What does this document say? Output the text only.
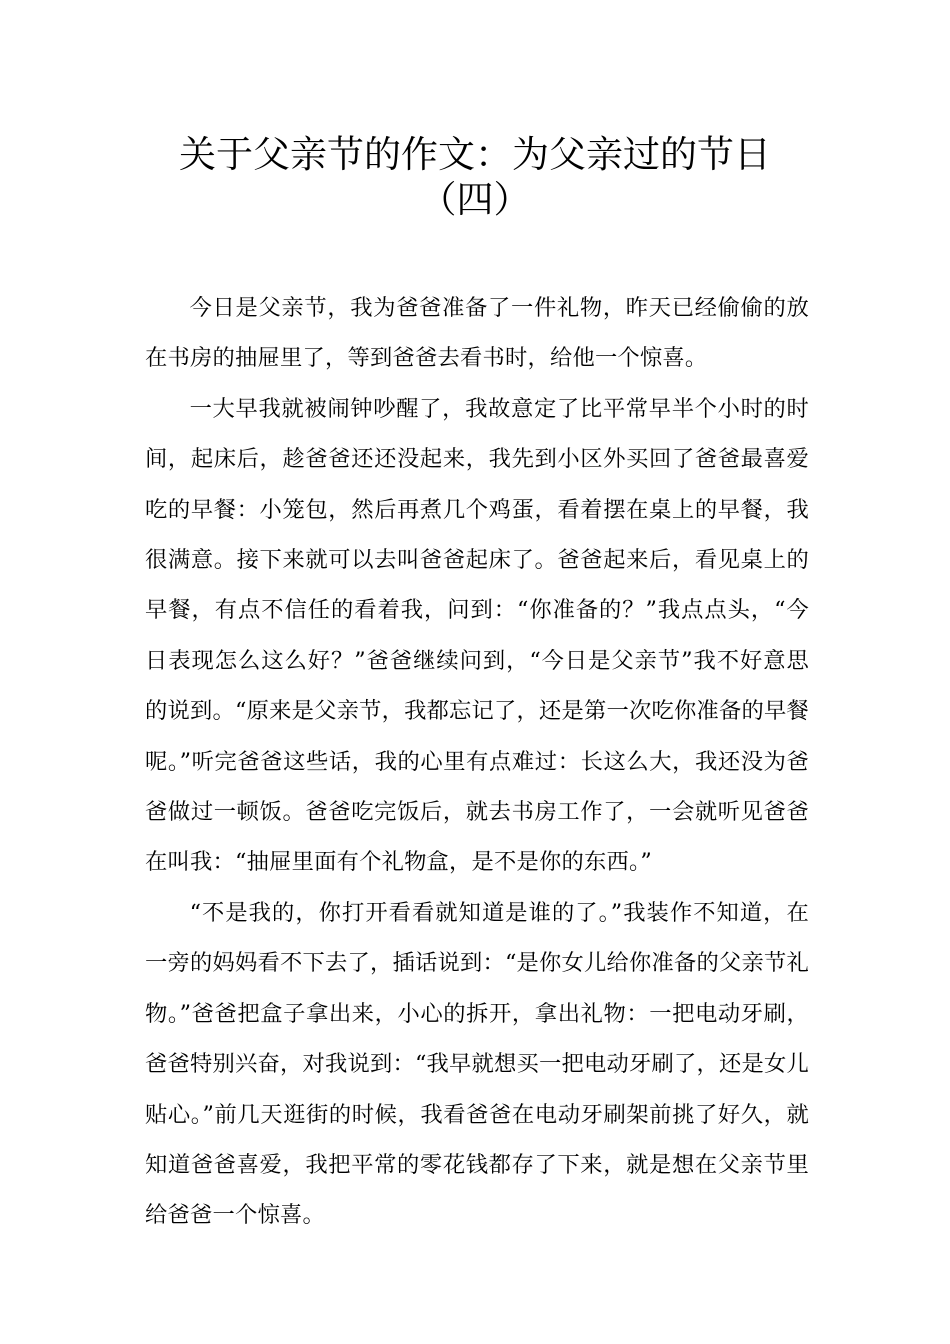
关于父亲节的作文：为父亲过的节日
（四）

今日是父亲节，我为爸爸准备了一件礼物，昨天已经偷偷的放在书房的抽屉里了，等到爸爸去看书时，给他一个惊喜。

一大早我就被闹钟吵醒了，我故意定了比平常早半个小时的时间，起床后，趁爸爸还还没起来，我先到小区外买回了爸爸最喜爱吃的早餐：小笼包，然后再煮几个鸡蛋，看着摆在桌上的早餐，我很满意。接下来就可以去叫爸爸起床了。爸爸起来后，看见桌上的早餐，有点不信任的看着我，问到：“你准备的？”我点点头，“今日表现怎么这么好？”爸爸继续问到，“今日是父亲节”我不好意思的说到。“原来是父亲节，我都忘记了，还是第一次吃你准备的早餐呢。”听完爸爸这些话，我的心里有点难过：长这么大，我还没为爸爸做过一顿饭。爸爸吃完饭后，就去书房工作了，一会就听见爸爸在叫我：“抽屉里面有个礼物盒，是不是你的东西。”

“不是我的，你打开看看就知道是谁的了。”我装作不知道，在一旁的妈妈看不下去了，插话说到：“是你女儿给你准备的父亲节礼物。”爸爸把盒子拿出来，小心的拆开，拿出礼物：一把电动牙刷，爸爸特别兴奋，对我说到：“我早就想买一把电动牙刷了，还是女儿贴心。”前几天逛街的时候，我看爸爸在电动牙刷架前挑了好久，就知道爸爸喜爱，我把平常的零花钱都存了下来，就是想在父亲节里给爸爸一个惊喜。
